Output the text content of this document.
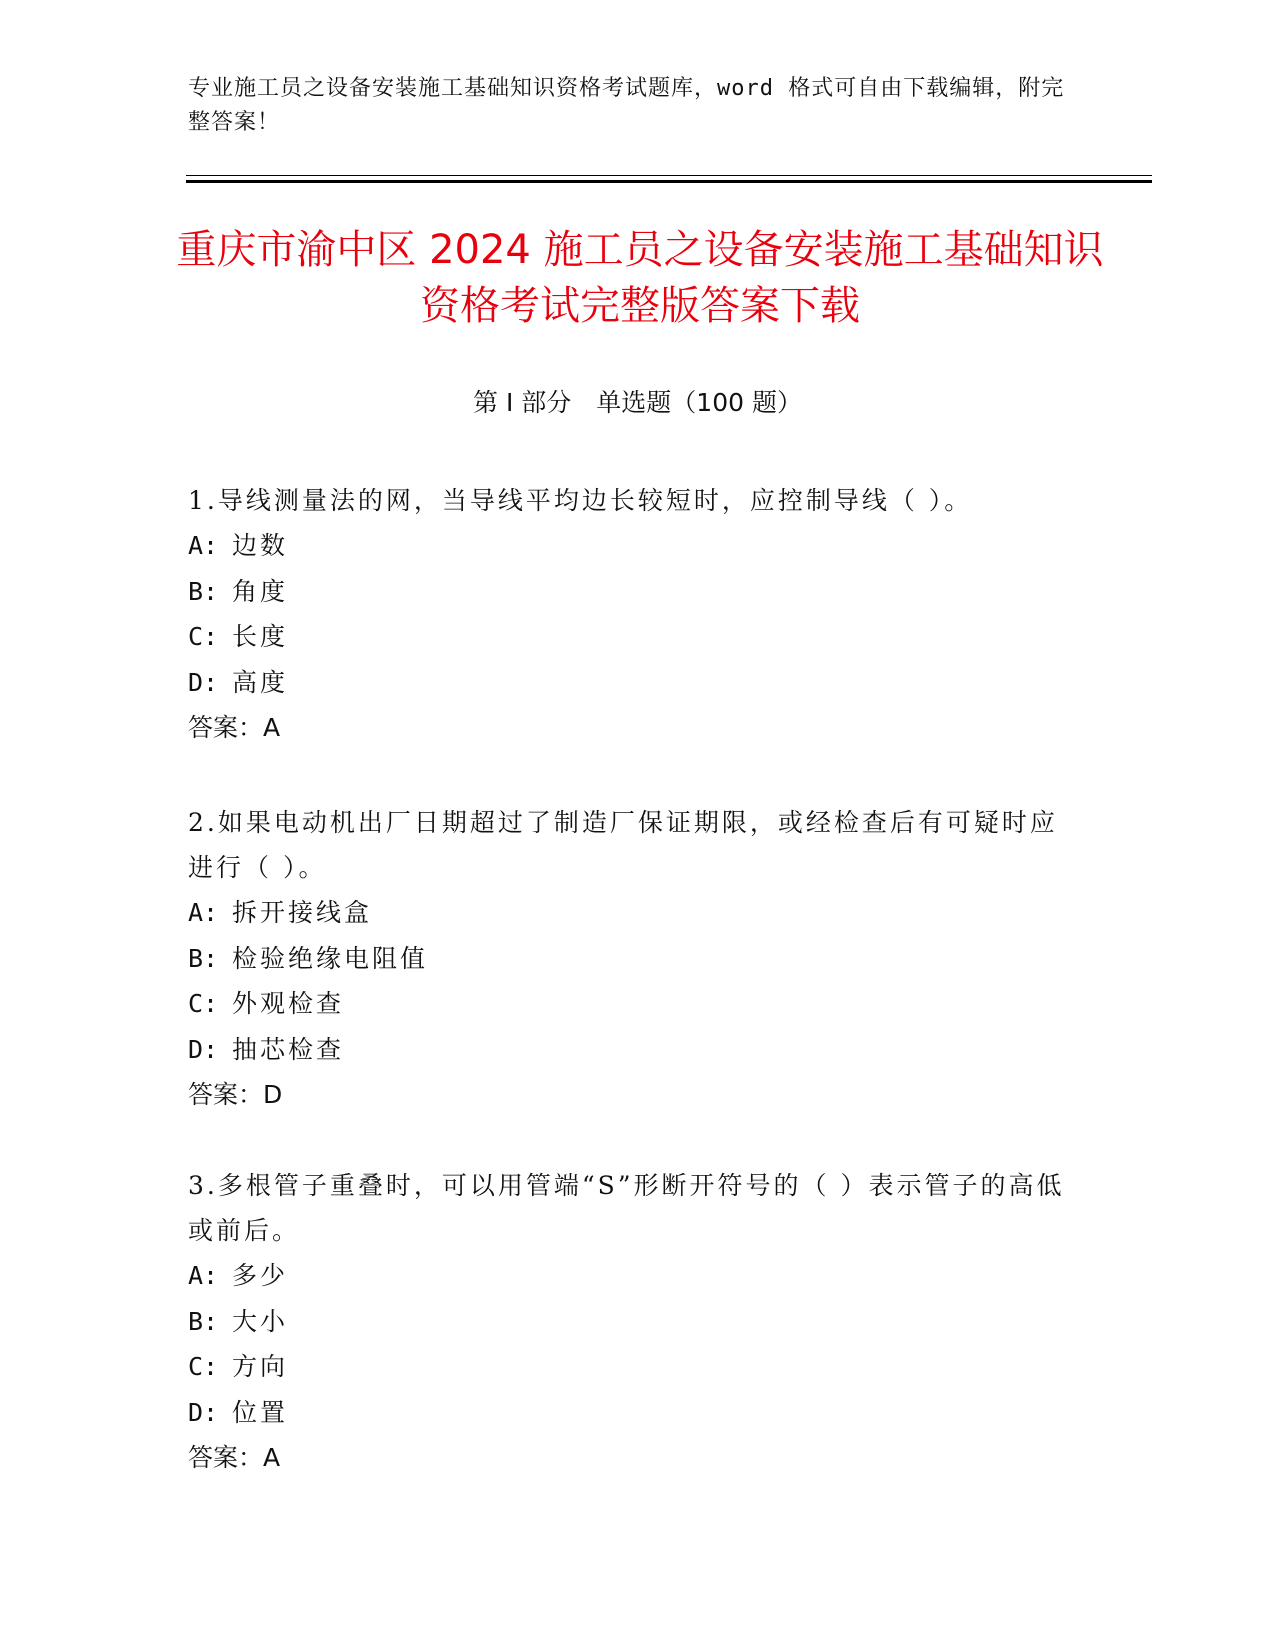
专业施工员之设备安装施工基础知识资格考试题库，word 格式可自由下载编辑，附完整答案！
重庆市渝中区 2024 施工员之设备安装施工基础知识资格考试完整版答案下载
第 I 部分　单选题（100 题）
1.导线测量法的网，当导线平均边长较短时，应控制导线（ ）。
A: 边数
B: 角度
C: 长度
D: 高度
答案：A
2.如果电动机出厂日期超过了制造厂保证期限，或经检查后有可疑时应进行（ ）。
A: 拆开接线盒
B: 检验绝缘电阻值
C: 外观检查
D: 抽芯检查
答案：D
3.多根管子重叠时，可以用管端“S”形断开符号的（ ）表示管子的高低或前后。
A: 多少
B: 大小
C: 方向
D: 位置
答案：A
